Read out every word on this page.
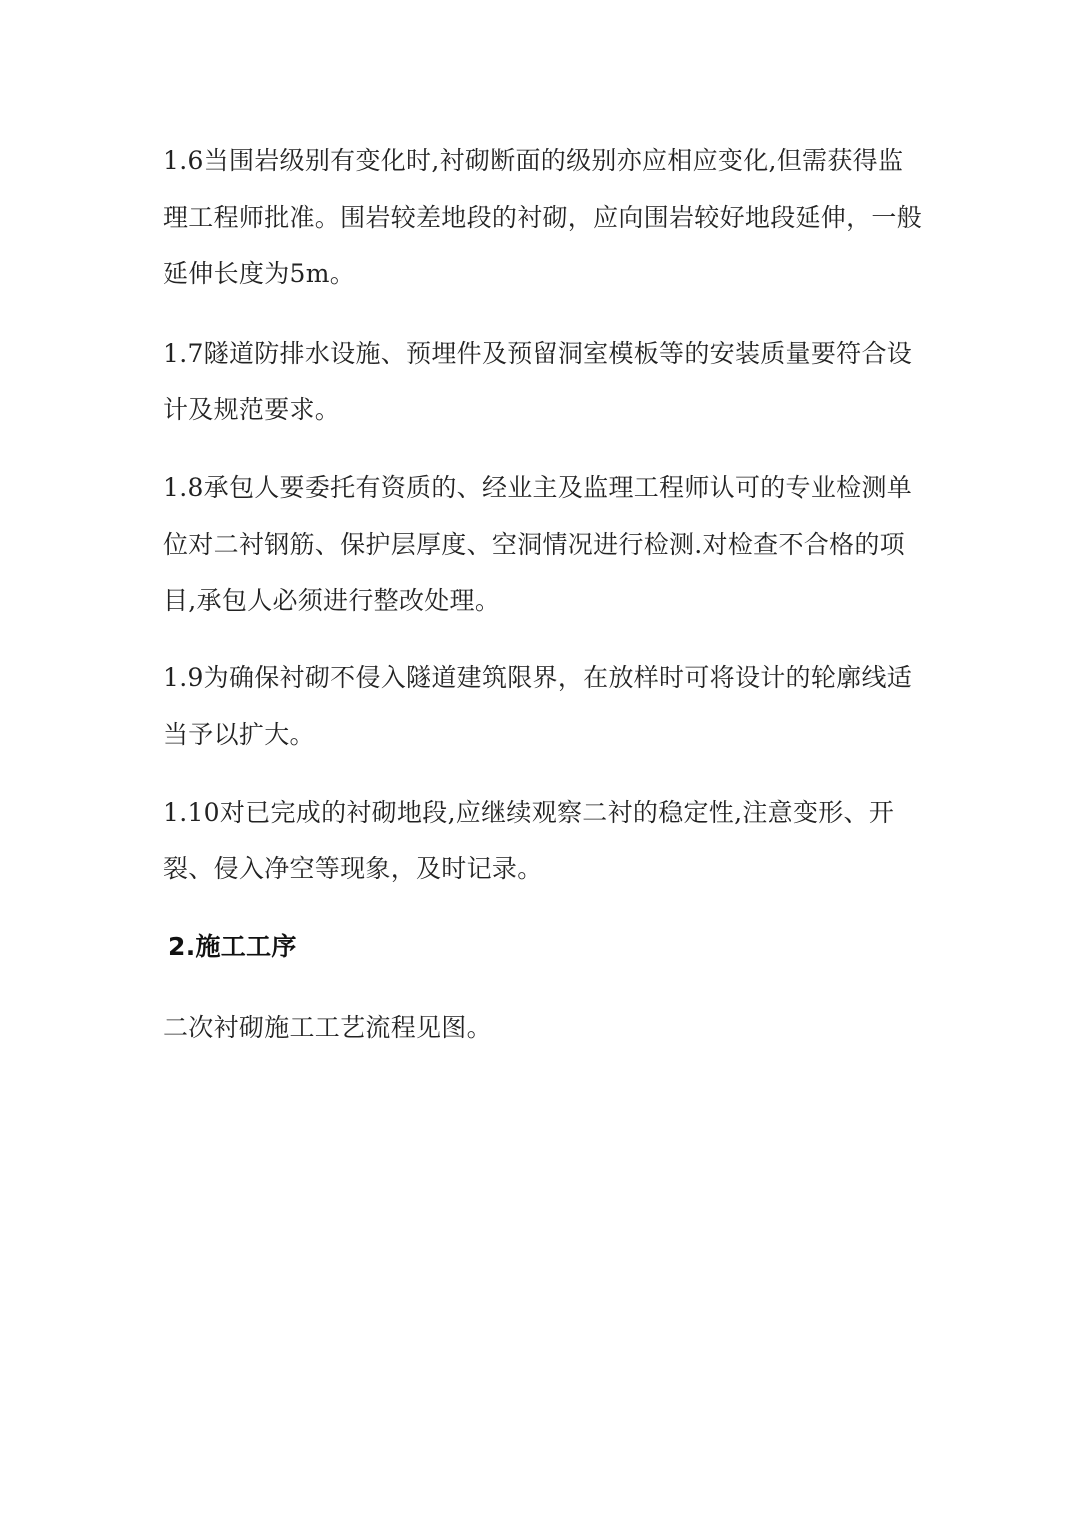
1.6当围岩级别有变化时,衬砌断面的级别亦应相应变化,但需获得监
理工程师批准。围岩较差地段的衬砌，应向围岩较好地段延伸，一般
延伸长度为5m。
1.7隧道防排水设施、预埋件及预留洞室模板等的安装质量要符合设
计及规范要求。
1.8承包人要委托有资质的、经业主及监理工程师认可的专业检测单
位对二衬钢筋、保护层厚度、空洞情况进行检测.对检查不合格的项
目,承包人必须进行整改处理。
1.9为确保衬砌不侵入隧道建筑限界，在放样时可将设计的轮廓线适
当予以扩大。
1.10对已完成的衬砌地段,应继续观察二衬的稳定性,注意变形、开
裂、侵入净空等现象，及时记录。
2.施工工序
二次衬砌施工工艺流程见图。
